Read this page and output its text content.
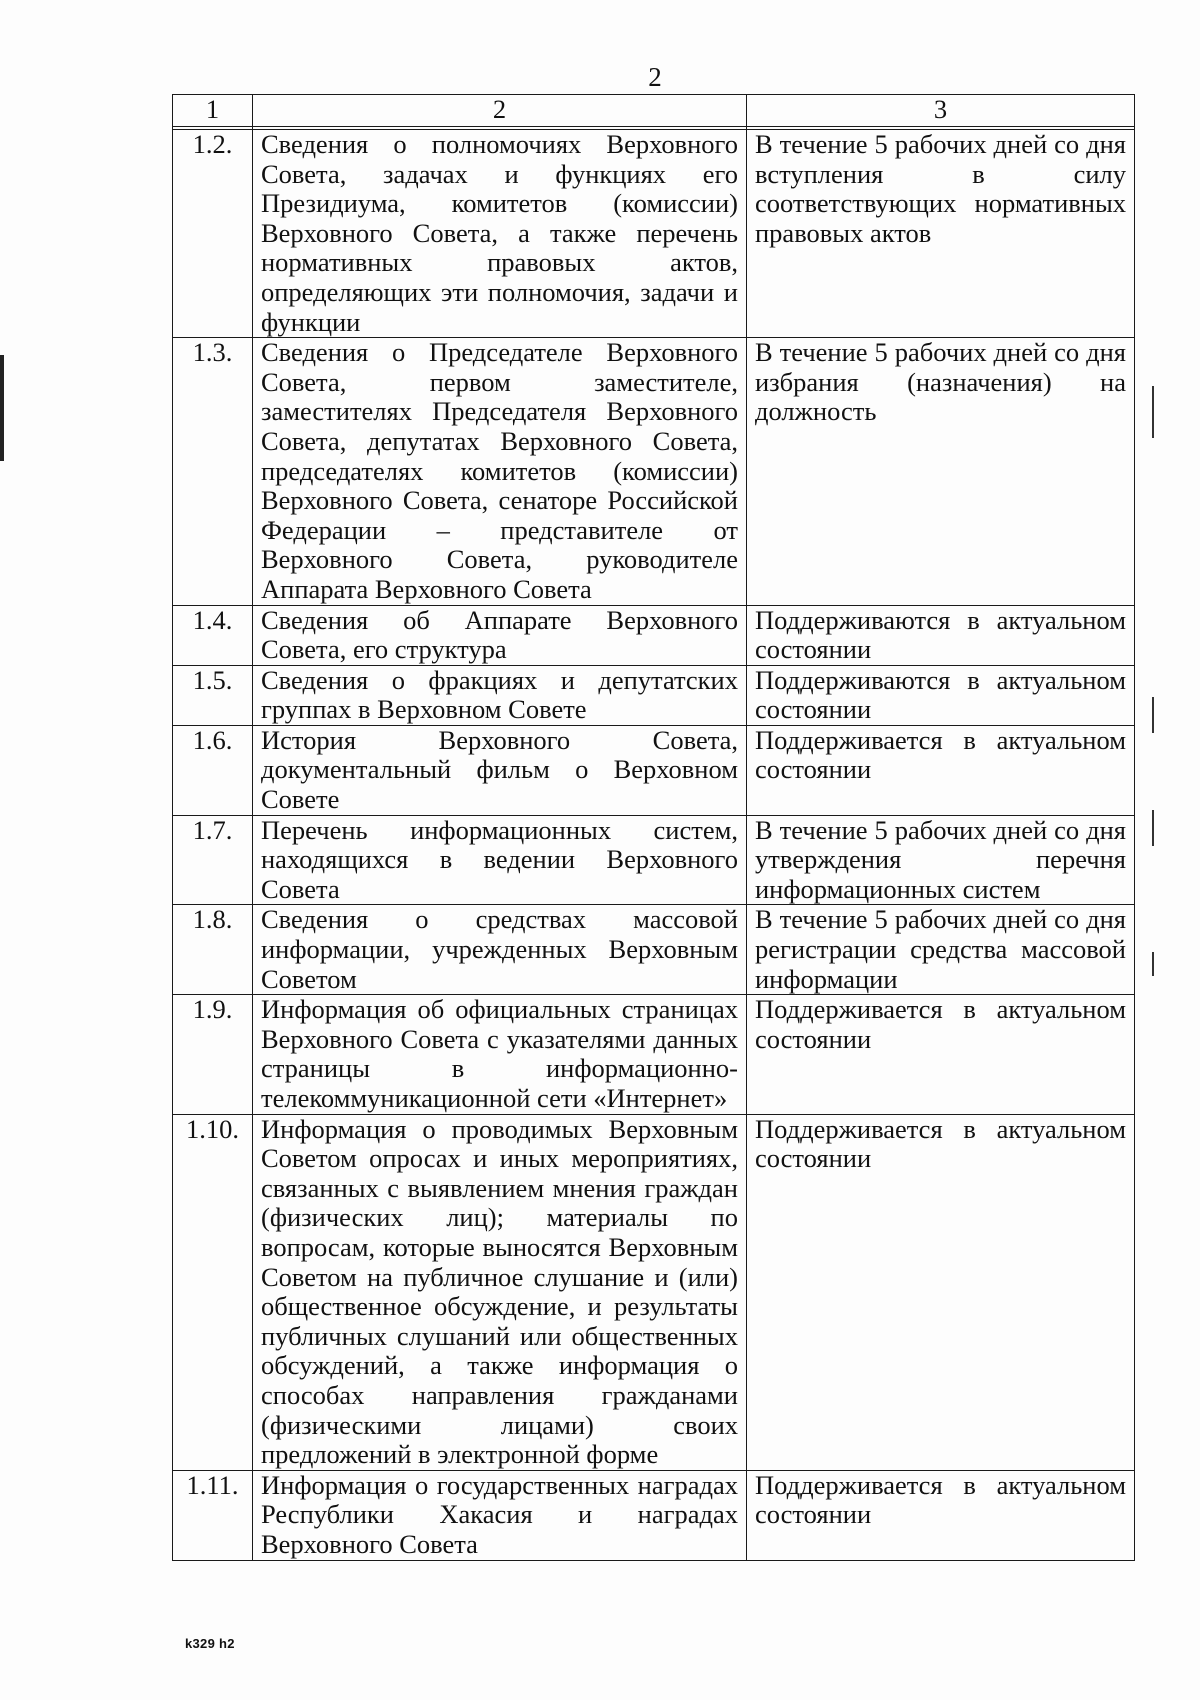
2
1	2	3

1.2.	Сведения о полномочиях Верховного Совета, задачах и функциях его Президиума, комитетов (комиссии) Верховного Совета, а также перечень нормативных правовых актов, определяющих эти полномочия, задачи и функции	В течение 5 рабочих дней со дня вступления в силу соответствующих нормативных правовых актов
1.3.	Сведения о Председателе Верховного Совета, первом заместителе, заместителях Председателя Верховного Совета, депутатах Верховного Совета, председателях комитетов (комиссии) Верховного Совета, сенаторе Российской Федерации – представителе от Верховного Совета, руководителе Аппарата Верховного Совета	В течение 5 рабочих дней со дня избрания (назначения) на должность
1.4.	Сведения об Аппарате Верховного Совета, его структура	Поддерживаются в актуальном состоянии
1.5.	Сведения о фракциях и депутатских группах в Верховном Совете	Поддерживаются в актуальном состоянии
1.6.	История Верховного Совета, документальный фильм о Верховном Совете	Поддерживается в актуальном состоянии
1.7.	Перечень информационных систем, находящихся в ведении Верховного Совета	В течение 5 рабочих дней со дня утверждения перечня информационных систем
1.8.	Сведения о средствах массовой информации, учрежденных Верховным Советом	В течение 5 рабочих дней со дня регистрации средства массовой информации
1.9.	Информация об официальных страницах Верховного Совета с указателями данных страницы в информационно-телекоммуникационной сети «Интернет»	Поддерживается в актуальном состоянии
1.10.	Информация о проводимых Верховным Советом опросах и иных мероприятиях, связанных с выявлением мнения граждан (физических лиц); материалы по вопросам, которые выносятся Верховным Советом на публичное слушание и (или) общественное обсуждение, и результаты публичных слушаний или общественных обсуждений, а также информация о способах направления гражданами (физическими лицами) своих предложений в электронной форме	Поддерживается в актуальном состоянии
1.11.	Информация о государственных наградах Республики Хакасия и наградах Верховного Совета	Поддерживается в актуальном состоянии
k329 h2
